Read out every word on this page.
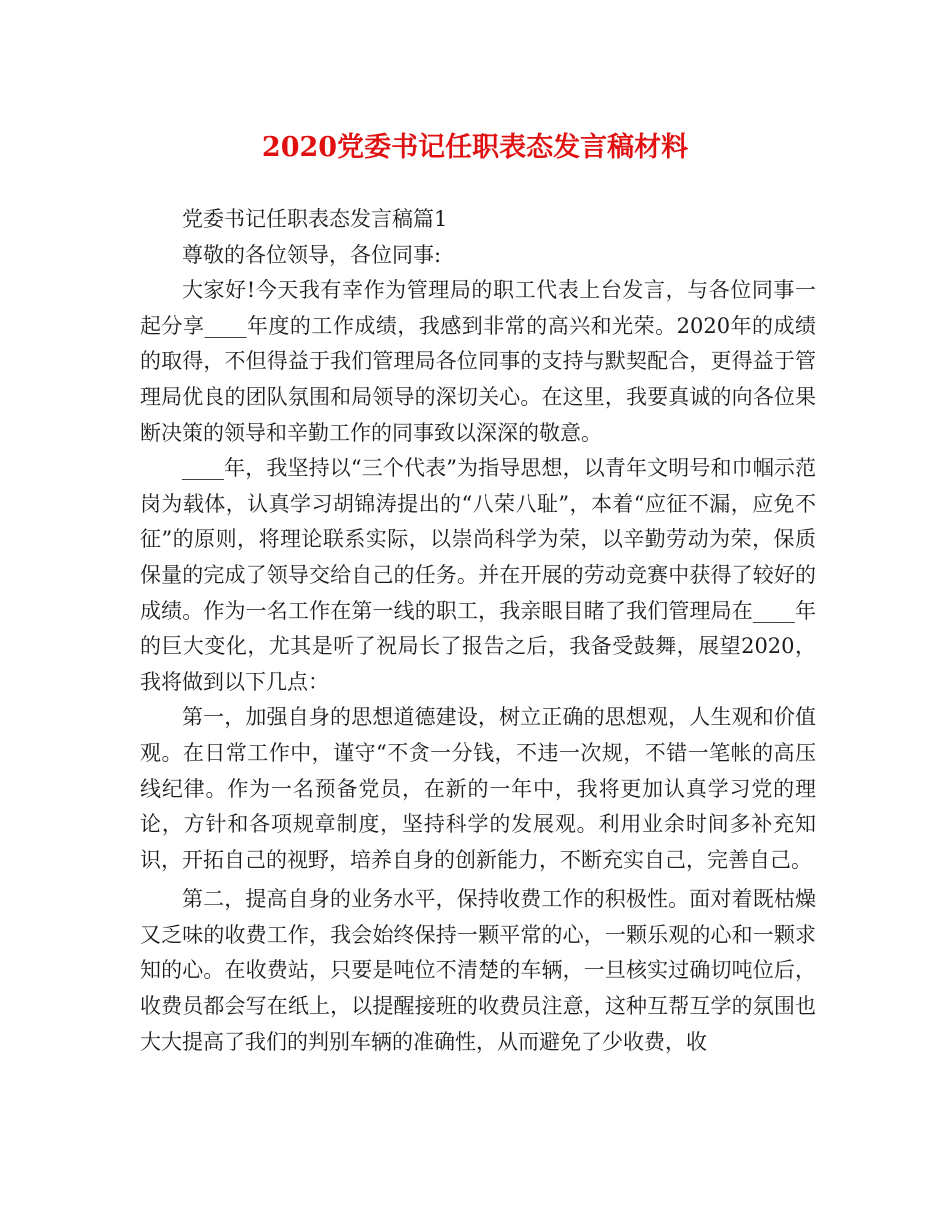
2020党委书记任职表态发言稿材料

党委书记任职表态发言稿篇1

尊敬的各位领导，各位同事:

大家好!今天我有幸作为管理局的职工代表上台发言，与各位同事一起分享____年度的工作成绩，我感到非常的高兴和光荣。2020年的成绩的取得，不但得益于我们管理局各位同事的支持与默契配合，更得益于管理局优良的团队氛围和局领导的深切关心。在这里，我要真诚的向各位果断决策的领导和辛勤工作的同事致以深深的敬意。

____年，我坚持以“三个代表”为指导思想，以青年文明号和巾帼示范岗为载体，认真学习胡锦涛提出的“八荣八耻”，本着“应征不漏，应免不征”的原则，将理论联系实际，以崇尚科学为荣，以辛勤劳动为荣，保质保量的完成了领导交给自己的任务。并在开展的劳动竞赛中获得了较好的成绩。作为一名工作在第一线的职工，我亲眼目睹了我们管理局在____年的巨大变化，尤其是听了祝局长了报告之后，我备受鼓舞，展望2020，我将做到以下几点：

第一，加强自身的思想道德建设，树立正确的思想观，人生观和价值观。在日常工作中，谨守“不贪一分钱，不违一次规，不错一笔帐的高压线纪律。作为一名预备党员，在新的一年中，我将更加认真学习党的理论，方针和各项规章制度，坚持科学的发展观。利用业余时间多补充知识，开拓自己的视野，培养自身的创新能力，不断充实自己，完善自己。

第二，提高自身的业务水平，保持收费工作的积极性。面对着既枯燥又乏味的收费工作，我会始终保持一颗平常的心，一颗乐观的心和一颗求知的心。在收费站，只要是吨位不清楚的车辆，一旦核实过确切吨位后，收费员都会写在纸上，以提醒接班的收费员注意，这种互帮互学的氛围也大大提高了我们的判别车辆的准确性，从而避免了少收费，收
